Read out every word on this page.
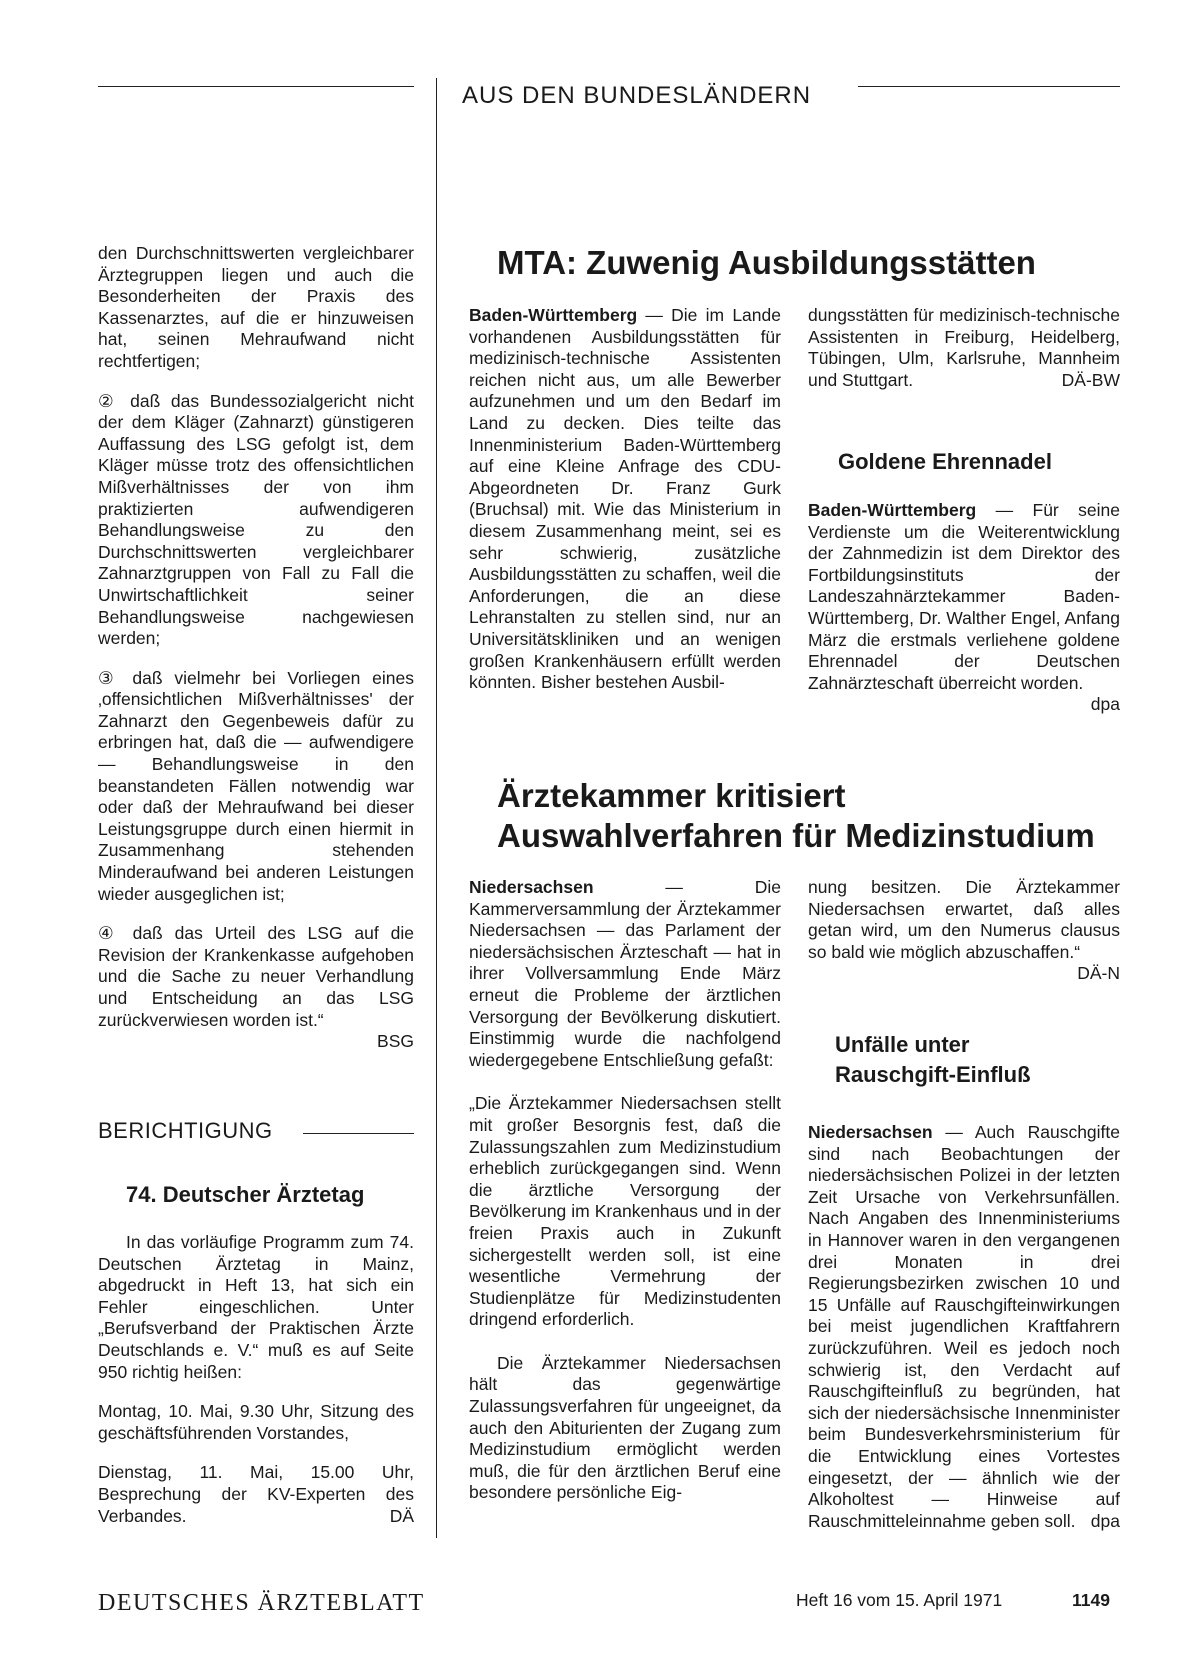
AUS DEN BUNDESLÄNDERN

den Durchschnittswerten vergleichbarer Ärztegruppen liegen und auch die Besonderheiten der Praxis des Kassenarztes, auf die er hinzuweisen hat, seinen Mehraufwand nicht rechtfertigen;

② daß das Bundessozialgericht nicht der dem Kläger (Zahnarzt) günstigeren Auffassung des LSG gefolgt ist, dem Kläger müsse trotz des offensichtlichen Mißverhältnisses der von ihm praktizierten aufwendigeren Behandlungsweise zu den Durchschnittswerten vergleichbarer Zahnarztgruppen von Fall zu Fall die Unwirtschaftlichkeit seiner Behandlungsweise nachgewiesen werden;

③ daß vielmehr bei Vorliegen eines ‚offensichtlichen Mißverhältnisses' der Zahnarzt den Gegenbeweis dafür zu erbringen hat, daß die — aufwendigere — Behandlungsweise in den beanstandeten Fällen notwendig war oder daß der Mehraufwand bei dieser Leistungsgruppe durch einen hiermit in Zusammenhang stehenden Minderaufwand bei anderen Leistungen wieder ausgeglichen ist;

④ daß das Urteil des LSG auf die Revision der Krankenkasse aufgehoben und die Sache zu neuer Verhandlung und Entscheidung an das LSG zurückverwiesen worden ist.“

BSG
BERICHTIGUNG
74. Deutscher Ärztetag

In das vorläufige Programm zum 74. Deutschen Ärztetag in Mainz, abgedruckt in Heft 13, hat sich ein Fehler eingeschlichen. Unter „Berufsverband der Praktischen Ärzte Deutschlands e. V.“ muß es auf Seite 950 richtig heißen:

Montag, 10. Mai, 9.30 Uhr, Sitzung des geschäftsführenden Vorstandes,

Dienstag, 11. Mai, 15.00 Uhr, Besprechung der KV-Experten des Verbandes.	DÄ

MTA: Zuwenig Ausbildungsstätten

Baden-Württemberg — Die im Lande vorhandenen Ausbildungsstätten für medizinisch-technische Assistenten reichen nicht aus, um alle Bewerber aufzunehmen und um den Bedarf im Land zu decken. Dies teilte das Innenministerium Baden-Württemberg auf eine Kleine Anfrage des CDU-Abgeordneten Dr. Franz Gurk (Bruchsal) mit. Wie das Ministerium in diesem Zusammenhang meint, sei es sehr schwierig, zusätzliche Ausbildungsstätten zu schaffen, weil die Anforderungen, die an diese Lehranstalten zu stellen sind, nur an Universitätskliniken und an wenigen großen Krankenhäusern erfüllt werden könnten. Bisher bestehen Ausbil-

dungsstätten für medizinisch-technische Assistenten in Freiburg, Heidelberg, Tübingen, Ulm, Karlsruhe, Mannheim und Stuttgart.	DÄ-BW

Goldene Ehrennadel

Baden-Württemberg — Für seine Verdienste um die Weiterentwicklung der Zahnmedizin ist dem Direktor des Fortbildungsinstituts der Landeszahnärztekammer Baden-Württemberg, Dr. Walther Engel, Anfang März die erstmals verliehene goldene Ehrennadel der Deutschen Zahnärzteschaft überreicht worden.
dpa

Ärztekammer kritisiert
Auswahlverfahren für Medizinstudium

Niedersachsen — Die Kammerversammlung der Ärztekammer Niedersachsen — das Parlament der niedersächsischen Ärzteschaft — hat in ihrer Vollversammlung Ende März erneut die Probleme der ärztlichen Versorgung der Bevölkerung diskutiert. Einstimmig wurde die nachfolgend wiedergegebene Entschließung gefaßt:

„Die Ärztekammer Niedersachsen stellt mit großer Besorgnis fest, daß die Zulassungszahlen zum Medizinstudium erheblich zurückgegangen sind. Wenn die ärztliche Versorgung der Bevölkerung im Krankenhaus und in der freien Praxis auch in Zukunft sichergestellt werden soll, ist eine wesentliche Vermehrung der Studienplätze für Medizinstudenten dringend erforderlich.

Die Ärztekammer Niedersachsen hält das gegenwärtige Zulassungsverfahren für ungeeignet, da auch den Abiturienten der Zugang zum Medizinstudium ermöglicht werden muß, die für den ärztlichen Beruf eine besondere persönliche Eig-

nung besitzen. Die Ärztekammer Niedersachsen erwartet, daß alles getan wird, um den Numerus clausus so bald wie möglich abzuschaffen.“
DÄ-N

Unfälle unter
Rauschgift-Einfluß

Niedersachsen — Auch Rauschgifte sind nach Beobachtungen der niedersächsischen Polizei in der letzten Zeit Ursache von Verkehrsunfällen. Nach Angaben des Innenministeriums in Hannover waren in den vergangenen drei Monaten in drei Regierungsbezirken zwischen 10 und 15 Unfälle auf Rauschgifteinwirkungen bei meist jugendlichen Kraftfahrern zurückzuführen. Weil es jedoch noch schwierig ist, den Verdacht auf Rauschgifteinfluß zu begründen, hat sich der niedersächsische Innenminister beim Bundesverkehrsministerium für die Entwicklung eines Vortestes eingesetzt, der — ähnlich wie der Alkoholtest — Hinweise auf Rauschmitteleinnahme geben soll. dpa

DEUTSCHES ÄRZTEBLATT	Heft 16 vom 15. April 1971	1149
